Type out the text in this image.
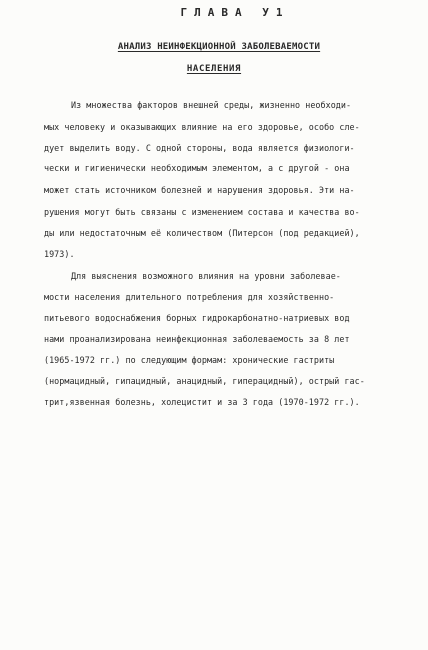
ГЛАВА У1
АНАЛИЗ НЕИНФЕКЦИОННОЙ ЗАБОЛЕВАЕМОСТИ
НАСЕЛЕНИЯ
Из множества факторов внешней среды, жизненно необходи-
мых человеку и оказывающих влияние на его здоровье, особо сле-
дует выделить воду. С одной стороны, вода является физиологи-
чески и гигиенически необходимым элементом, а с другой - она
может стать источником болезней и нарушения здоровья. Эти на-
рушения могут быть связаны с изменением состава и качества во-
ды или недостаточным её количеством (Питерсон (под редакцией),
1973).
Для выяснения возможного влияния на уровни заболевае-
мости населения длительного потребления для хозяйственно-
питьевого водоснабжения борных гидрокарбонатно-натриевых вод
нами проанализирована неинфекционная заболеваемость за 8 лет
(1965-1972 гг.) по следующим формам: хронические гастриты
(нормацидный, гипацидный, анацидный, гиперацидный), острый гас-
трит,язвенная болезнь, холецистит и за 3 года (1970-1972 гг.).
